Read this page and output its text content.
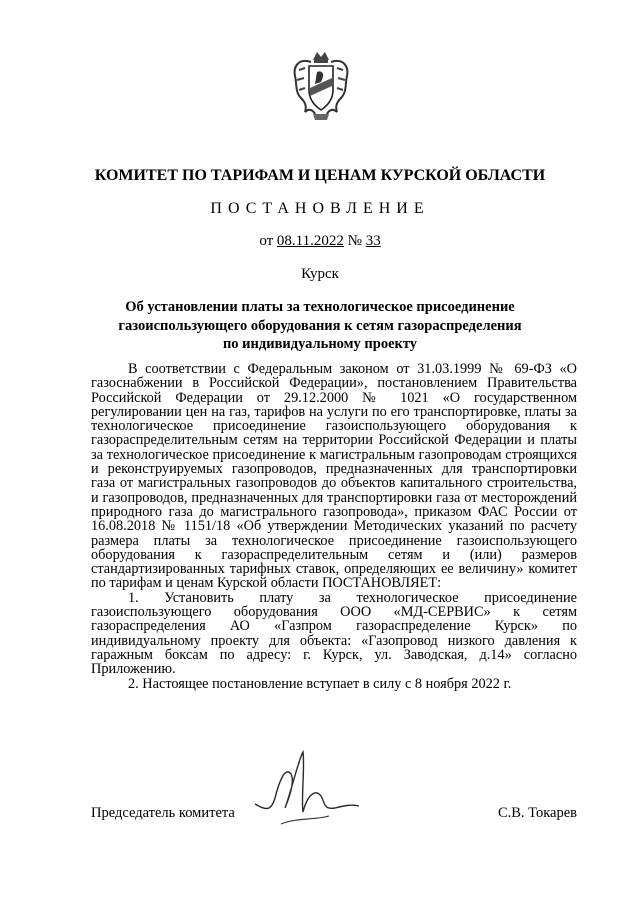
КОМИТЕТ ПО ТАРИФАМ И ЦЕНАМ КУРСКОЙ ОБЛАСТИ
ПОСТАНОВЛЕНИЕ
от 08.11.2022 № 33
Курск
Об установлении платы за технологическое присоединение
газоиспользующего оборудования к сетям газораспределения
по индивидуальному проекту

В соответствии с Федеральным законом от 31.03.1999 № 69-ФЗ «О газоснабжении в Российской Федерации», постановлением Правительства Российской Федерации от 29.12.2000 № 1021 «О государственном регулировании цен на газ, тарифов на услуги по его транспортировке, платы за технологическое присоединение газоиспользующего оборудования к газораспределительным сетям на территории Российской Федерации и платы за технологическое присоединение к магистральным газопроводам строящихся и реконструируемых газопроводов, предназначенных для транспортировки газа от магистральных газопроводов до объектов капитального строительства, и газопроводов, предназначенных для транспортировки газа от месторождений природного газа до магистрального газопровода», приказом ФАС России от 16.08.2018 № 1151/18 «Об утверждении Методических указаний по расчету размера платы за технологическое присоединение газоиспользующего оборудования к газораспределительным сетям и (или) размеров стандартизированных тарифных ставок, определяющих ее величину» комитет по тарифам и ценам Курской области ПОСТАНОВЛЯЕТ:

1. Установить плату за технологическое присоединение газоиспользующего оборудования ООО «МД-СЕРВИС» к сетям газораспределения АО «Газпром газораспределение Курск» по индивидуальному проекту для объекта: «Газопровод низкого давления к гаражным боксам по адресу: г. Курск, ул. Заводская, д.14» согласно Приложению.

2. Настоящее постановление вступает в силу с 8 ноября 2022 г.

Председатель комитета	С.В. Токарев
